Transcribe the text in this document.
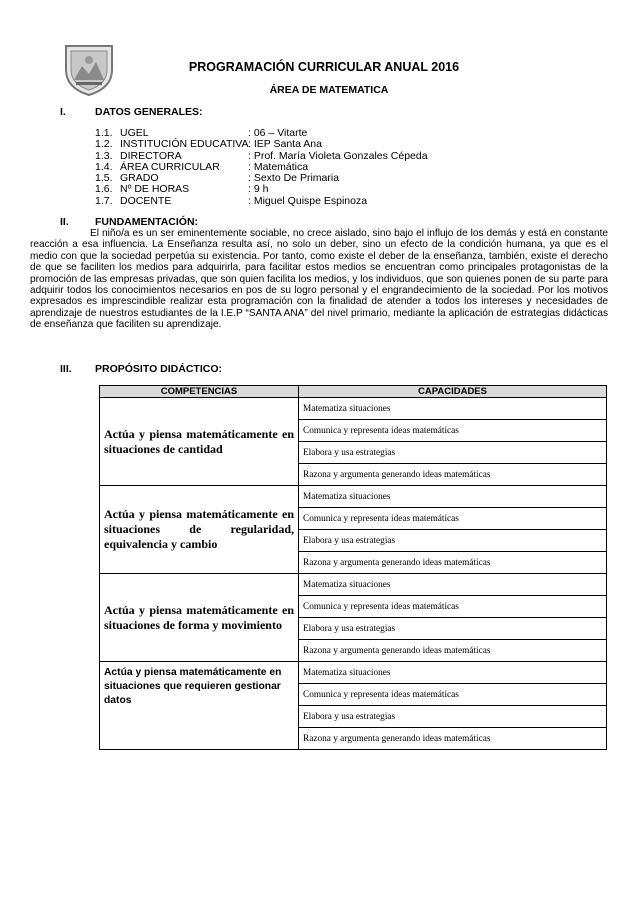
PROGRAMACIÓN CURRICULAR ANUAL 2016
ÁREA DE MATEMATICA
I.	DATOS GENERALES:
1.1. UGEL	: 06 – Vitarte
1.2. INSTITUCIÓN EDUCATIVA : IEP Santa Ana
1.3. DIRECTORA	: Prof. María Violeta Gonzales Cépeda
1.4. ÁREA CURRICULAR	: Matemática
1.5. GRADO	: Sexto De Primaria
1.6. Nº DE HORAS	: 9 h
1.7. DOCENTE	: Miguel Quispe Espinoza
II. FUNDAMENTACIÓN:
El niño/a es un ser eminentemente sociable, no crece aislado, sino bajo el influjo de los demás y está en constante reacción a esa influencia. La Enseñanza resulta así, no solo un deber, sino un efecto de la condición humana, ya que es el medio con que la sociedad perpetúa su existencia. Por tanto, como existe el deber de la enseñanza, también, existe el derecho de que se faciliten los medios para adquirirla, para facilitar estos medios se encuentran como principales protagonistas de la promoción de las empresas privadas, que son quien facilita los medios, y los individuos, que son quienes ponen de su parte para adquirir todos los conocimientos necesarios en pos de su logro personal y el engrandecimiento de la sociedad. Por los motivos expresados es imprescindible realizar esta programación con la finalidad de atender a todos los intereses y necesidades de aprendizaje de nuestros estudiantes de la I.E.P “SANTA ANA” del nivel primario, mediante la aplicación de estrategias didácticas de enseñanza que faciliten su aprendizaje.
III. PROPÓSITO DIDÁCTICO:
COMPETENCIAS	CAPACIDADES
Actúa y piensa matemáticamente en situaciones de cantidad	Matematiza situaciones
	Comunica y representa ideas matemáticas
	Elabora y usa estrategias
	Razona y argumenta generando ideas matemáticas
Actúa y piensa matemáticamente en situaciones de regularidad, equivalencia y cambio	Matematiza situaciones
	Comunica y representa ideas matemáticas
	Elabora y usa estrategias
	Razona y argumenta generando ideas matemáticas
Actúa y piensa matemáticamente en situaciones de forma y movimiento	Matematiza situaciones
	Comunica y representa ideas matemáticas
	Elabora y usa estrategias
	Razona y argumenta generando ideas matemáticas
Actúa y piensa matemáticamente en situaciones que requieren gestionar datos	Matematiza situaciones
	Comunica y representa ideas matemáticas
	Elabora y usa estrategias
	Razona y argumenta generando ideas matemáticas
